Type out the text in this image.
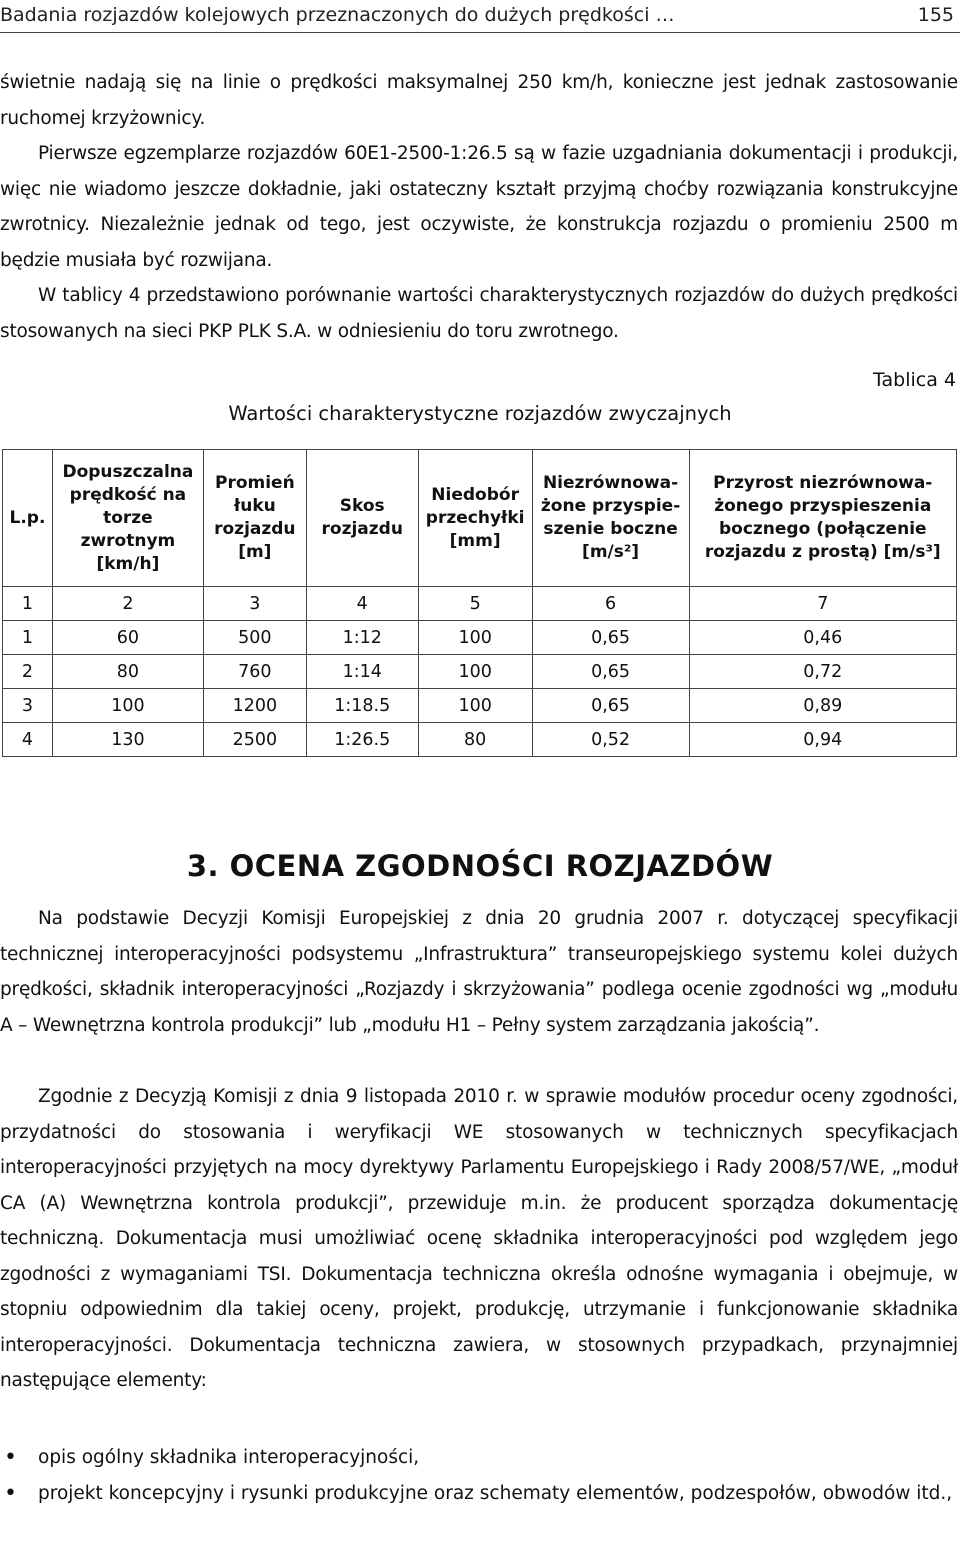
Badania rozjazdów kolejowych przeznaczonych do dużych prędkości …	155

świetnie nadają się na linie o prędkości maksymalnej 250 km/h, konieczne jest jednak zastosowanie ruchomej krzyżownicy.

Pierwsze egzemplarze rozjazdów 60E1-2500-1:26.5 są w fazie uzgadniania dokumentacji i produkcji, więc nie wiadomo jeszcze dokładnie, jaki ostateczny kształt przyjmą choćby rozwiązania konstrukcyjne zwrotnicy. Niezależnie jednak od tego, jest oczywiste, że konstrukcja rozjazdu o promieniu 2500 m będzie musiała być rozwijana.

W tablicy 4 przedstawiono porównanie wartości charakterystycznych rozjazdów do dużych prędkości stosowanych na sieci PKP PLK S.A. w odniesieniu do toru zwrotnego.

Tablica 4
Wartości charakterystyczne rozjazdów zwyczajnych
L.p.	Dopuszczalna prędkość na torze zwrotnym [km/h]	Promień łuku rozjazdu [m]	Skos rozjazdu	Niedobór przechyłki [mm]	Niezrównowa-żone przyspie-szenie boczne [m/s²]	Przyrost niezrównowa-żonego przyspieszenia bocznego (połączenie rozjazdu z prostą) [m/s³]
1	2	3	4	5	6	7
1	60	500	1:12	100	0,65	0,46
2	80	760	1:14	100	0,65	0,72
3	100	1200	1:18.5	100	0,65	0,89
4	130	2500	1:26.5	80	0,52	0,94
3. OCENA ZGODNOŚCI ROZJAZDÓW

Na podstawie Decyzji Komisji Europejskiej z dnia 20 grudnia 2007 r. dotyczącej specyfikacji technicznej interoperacyjności podsystemu „Infrastruktura” transeuropejskiego systemu kolei dużych prędkości, składnik interoperacyjności „Rozjazdy i skrzyżowania” podlega ocenie zgodności wg „modułu A – Wewnętrzna kontrola produkcji” lub „modułu H1 – Pełny system zarządzania jakością”.

Zgodnie z Decyzją Komisji z dnia 9 listopada 2010 r. w sprawie modułów procedur oceny zgodności, przydatności do stosowania i weryfikacji WE stosowanych w technicznych specyfikacjach interoperacyjności przyjętych na mocy dyrektywy Parlamentu Europejskiego i Rady 2008/57/WE, „moduł CA (A) Wewnętrzna kontrola produkcji”, przewiduje m.in. że producent sporządza dokumentację techniczną. Dokumentacja musi umożliwiać ocenę składnika interoperacyjności pod względem jego zgodności z wymaganiami TSI. Dokumentacja techniczna określa odnośne wymagania i obejmuje, w stopniu odpowiednim dla takiej oceny, projekt, produkcję, utrzymanie i funkcjonowanie składnika interoperacyjności. Dokumentacja techniczna zawiera, w stosownych przypadkach, przynajmniej następujące elementy:

• opis ogólny składnika interoperacyjności,
• projekt koncepcyjny i rysunki produkcyjne oraz schematy elementów, podzespołów, obwodów itd.,
